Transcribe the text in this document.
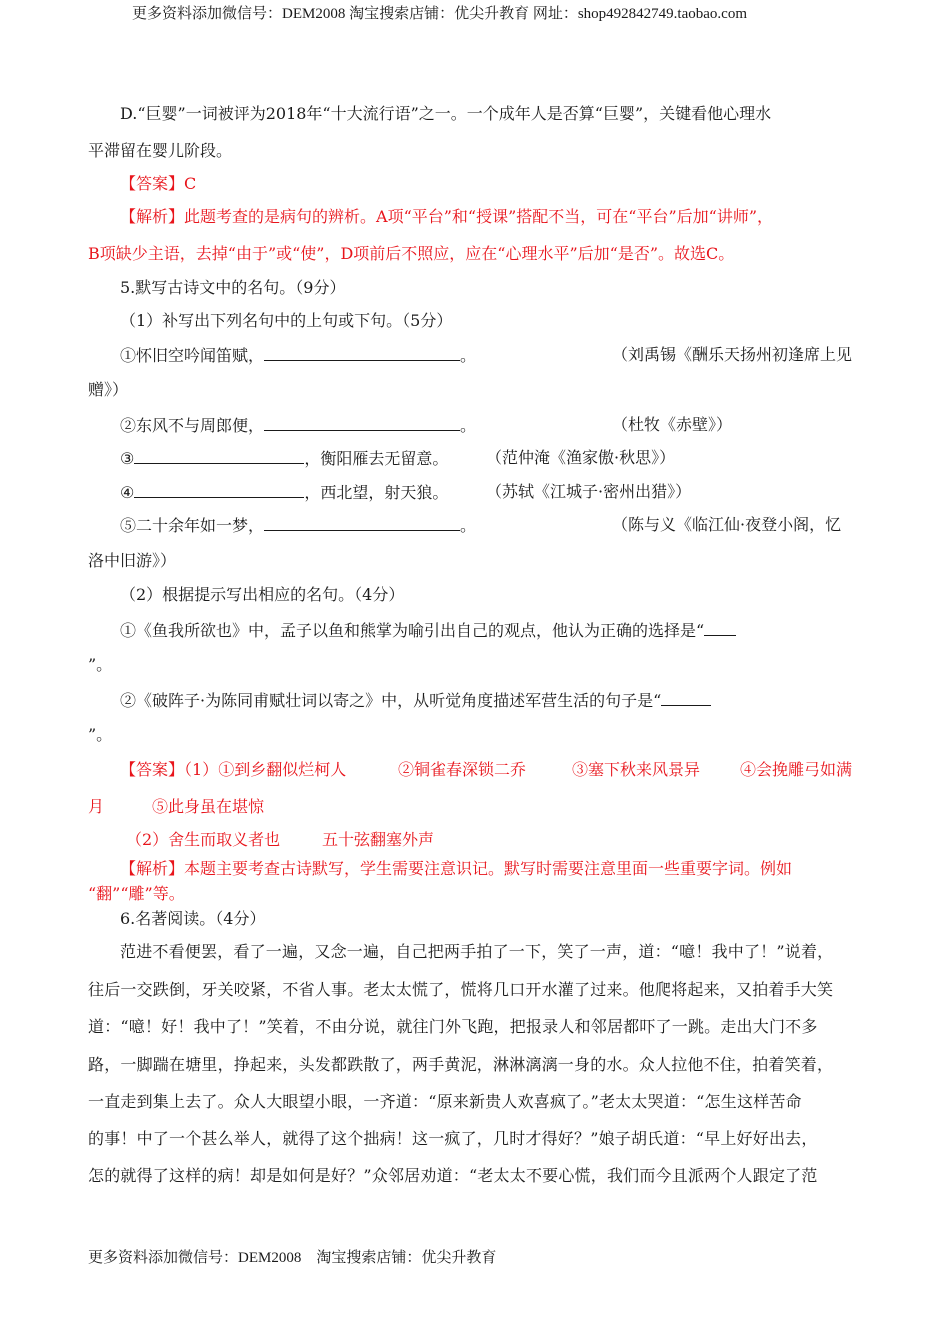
更多资料添加微信号：DEM2008 淘宝搜索店铺：优尖升教育 网址：shop492842749.taobao.com
D.“巨婴”一词被评为2018年“十大流行语”之一。一个成年人是否算“巨婴”，关键看他心理水
平滞留在婴儿阶段。
【答案】C
【解析】此题考查的是病句的辨析。A项“平台”和“授课”搭配不当，可在“平台”后加“讲师”，
B项缺少主语，去掉“由于”或“使”，D项前后不照应，应在“心理水平”后加“是否”。故选C。
5.默写古诗文中的名句。（9分）
（1）补写出下列名句中的上句或下句。（5分）
①怀旧空吟闻笛赋，	。	（刘禹锡《酬乐天扬州初逢席上见
赠》）
②东风不与周郎便，	。	（杜牧《赤壁》）
③	，衡阳雁去无留意。 （范仲淹《渔家傲·秋思》）
④	，西北望，射天狼。 （苏轼《江城子·密州出猎》）
⑤二十余年如一梦，	。	（陈与义《临江仙·夜登小阁，忆
洛中旧游》）
（2）根据提示写出相应的名句。（4分）
①《鱼我所欲也》中，孟子以鱼和熊掌为喻引出自己的观点，他认为正确的选择是“
”。
②《破阵子·为陈同甫赋壮词以寄之》中，从听觉角度描述军营生活的句子是“
”。
【答案】（1）①到乡翻似烂柯人	②铜雀春深锁二乔	③塞下秋来风景异 ④会挽雕弓如满
月	⑤此身虽在堪惊
（2）舍生而取义者也	五十弦翻塞外声
【解析】本题主要考查古诗默写，学生需要注意识记。默写时需要注意里面一些重要字词。例如
“翻”“雕”等。
6.名著阅读。（4分）
范进不看便罢，看了一遍，又念一遍，自己把两手拍了一下，笑了一声，道：“噫！我中了！”说着，
往后一交跌倒，牙关咬紧，不省人事。老太太慌了，慌将几口开水灌了过来。他爬将起来，又拍着手大笑
道：“噫！好！我中了！”笑着，不由分说，就往门外飞跑，把报录人和邻居都吓了一跳。走出大门不多
路，一脚踹在塘里，挣起来，头发都跌散了，两手黄泥，淋淋漓漓一身的水。众人拉他不住，拍着笑着，
一直走到集上去了。众人大眼望小眼，一齐道：“原来新贵人欢喜疯了。”老太太哭道：“怎生这样苦命
的事！中了一个甚么举人，就得了这个拙病！这一疯了，几时才得好？”娘子胡氏道：“早上好好出去，
怎的就得了这样的病！却是如何是好？”众邻居劝道：“老太太不要心慌，我们而今且派两个人跟定了范
更多资料添加微信号：DEM2008　淘宝搜索店铺：优尖升教育
